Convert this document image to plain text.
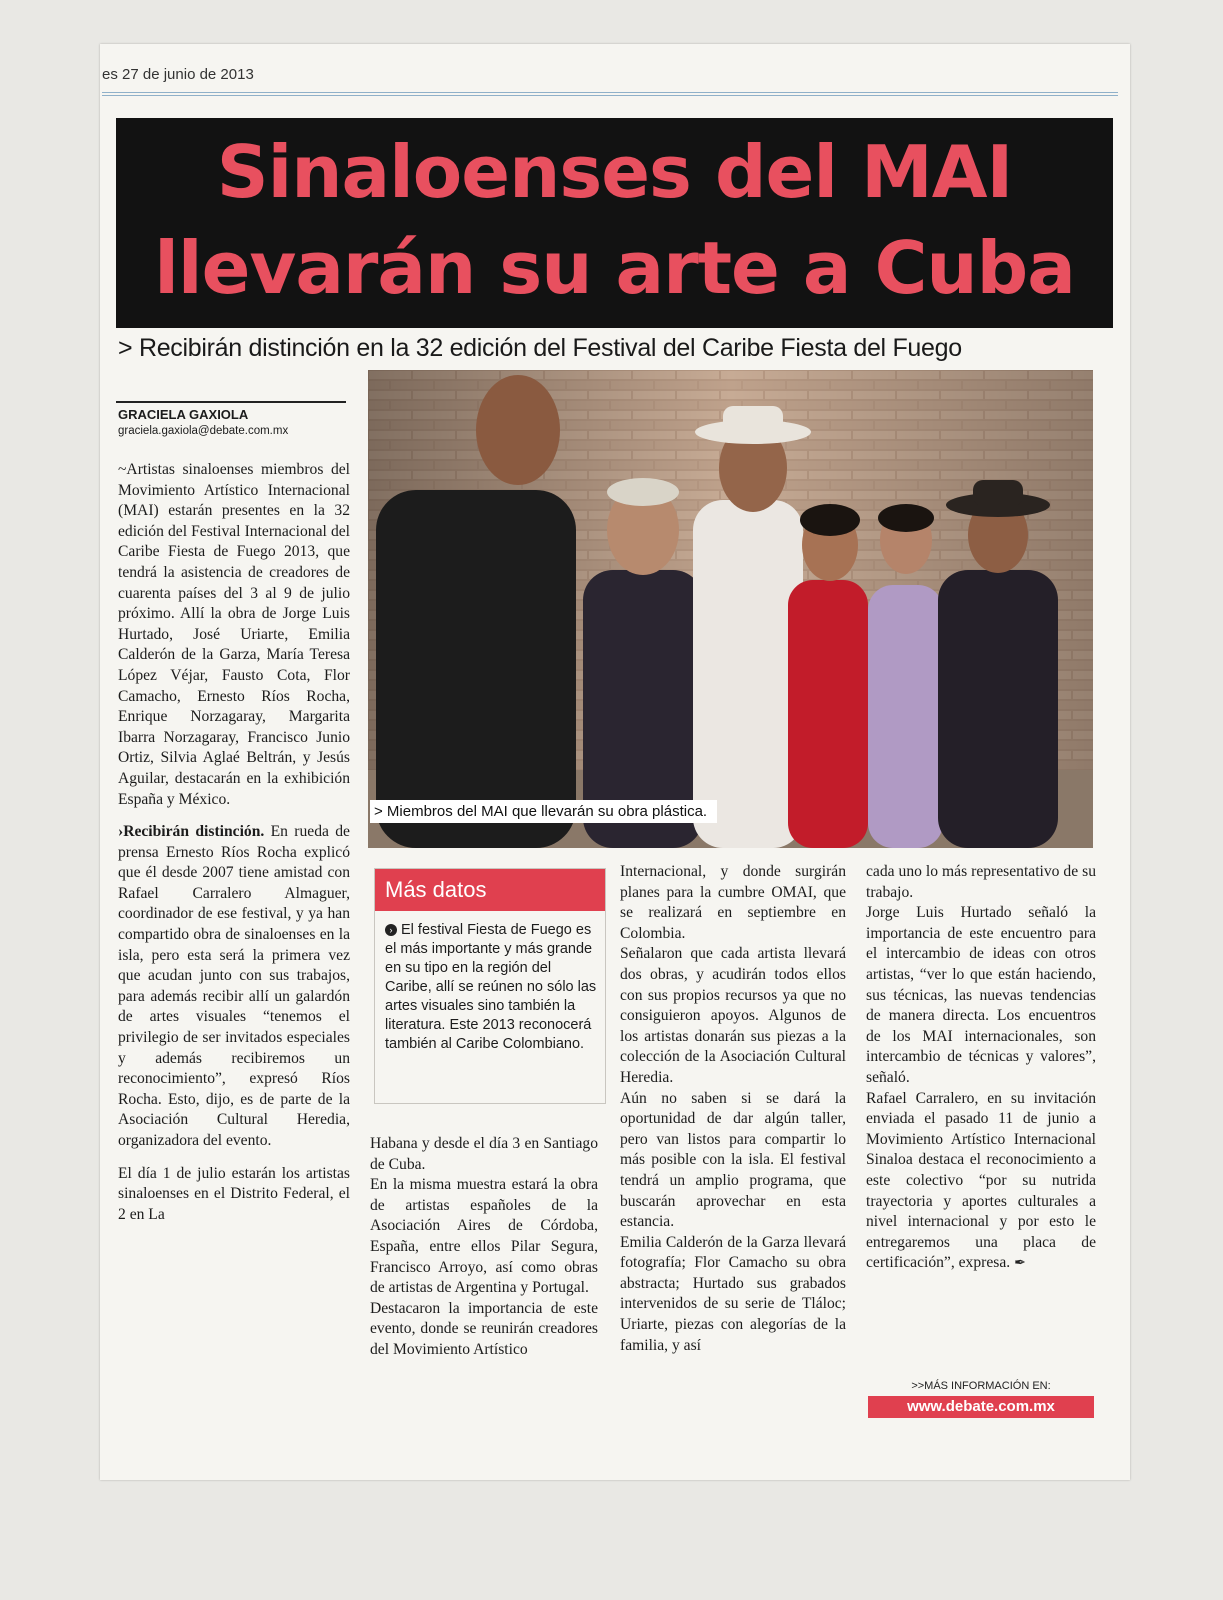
es 27 de junio de 2013
Sinaloenses del MAI
llevarán su arte a Cuba
> Recibirán distinción en la 32 edición del Festival del Caribe Fiesta del Fuego
GRACIELA GAXIOLA
graciela.gaxiola@debate.com.mx
> Miembros del MAI que llevarán su obra plástica.

~Artistas sinaloenses miembros del Movimiento Artístico Internacional (MAI) estarán presentes en la 32 edición del Festival Internacional del Caribe Fiesta de Fuego 2013, que tendrá la asistencia de creadores de cuarenta países del 3 al 9 de julio próximo. Allí la obra de Jorge Luis Hurtado, José Uriarte, Emilia Calderón de la Garza, María Teresa López Véjar, Fausto Cota, Flor Camacho, Ernesto Ríos Rocha, Enrique Norzagaray, Margarita Ibarra Norzagaray, Francisco Junio Ortiz, Silvia Aglaé Beltrán, y Jesús Aguilar, destacarán en la exhibición España y México.

›Recibirán distinción. En rueda de prensa Ernesto Ríos Rocha explicó que él desde 2007 tiene amistad con Rafael Carralero Almaguer, coordinador de ese festival, y ya han compartido obra de sinaloenses en la isla, pero esta será la primera vez que acudan junto con sus trabajos, para además recibir allí un galardón de artes visuales “tenemos el privilegio de ser invitados especiales y además recibiremos un reconocimiento”, expresó Ríos Rocha. Esto, dijo, es de parte de la Asociación Cultural Heredia, organizadora del evento.

El día 1 de julio estarán los artistas sinaloenses en el Distrito Federal, el 2 en La

Más datos
› El festival Fiesta de Fuego es el más importante y más grande en su tipo en la región del Caribe, allí se reúnen no sólo las artes visuales sino también la literatura. Este 2013 reconocerá también al Caribe Colombiano.

Habana y desde el día 3 en Santiago de Cuba.

En la misma muestra estará la obra de artistas españoles de la Asociación Aires de Córdoba, España, entre ellos Pilar Segura, Francisco Arroyo, así como obras de artistas de Argentina y Portugal.

Destacaron la importancia de este evento, donde se reunirán creadores del Movimiento Artístico

Internacional, y donde surgirán planes para la cumbre OMAI, que se realizará en septiembre en Colombia.

Señalaron que cada artista llevará dos obras, y acudirán todos ellos con sus propios recursos ya que no consiguieron apoyos. Algunos de los artistas donarán sus piezas a la colección de la Asociación Cultural Heredia.

Aún no saben si se dará la oportunidad de dar algún taller, pero van listos para compartir lo más posible con la isla. El festival tendrá un amplio programa, que buscarán aprovechar en esta estancia.

Emilia Calderón de la Garza llevará fotografía; Flor Camacho su obra abstracta; Hurtado sus grabados intervenidos de su serie de Tláloc; Uriarte, piezas con alegorías de la familia, y así

cada uno lo más representativo de su trabajo.

Jorge Luis Hurtado señaló la importancia de este encuentro para el intercambio de ideas con otros artistas, “ver lo que están haciendo, sus técnicas, las nuevas tendencias de manera directa. Los encuentros de los MAI internacionales, son intercambio de técnicas y valores”, señaló.

Rafael Carralero, en su invitación enviada el pasado 11 de junio a Movimiento Artístico Internacional Sinaloa destaca el reconocimiento a este colectivo “por su nutrida trayectoria y aportes culturales a nivel internacional y por esto le entregaremos una placa de certificación”, expresa. ✒

>>MÁS INFORMACIÓN EN:
www.debate.com.mx
